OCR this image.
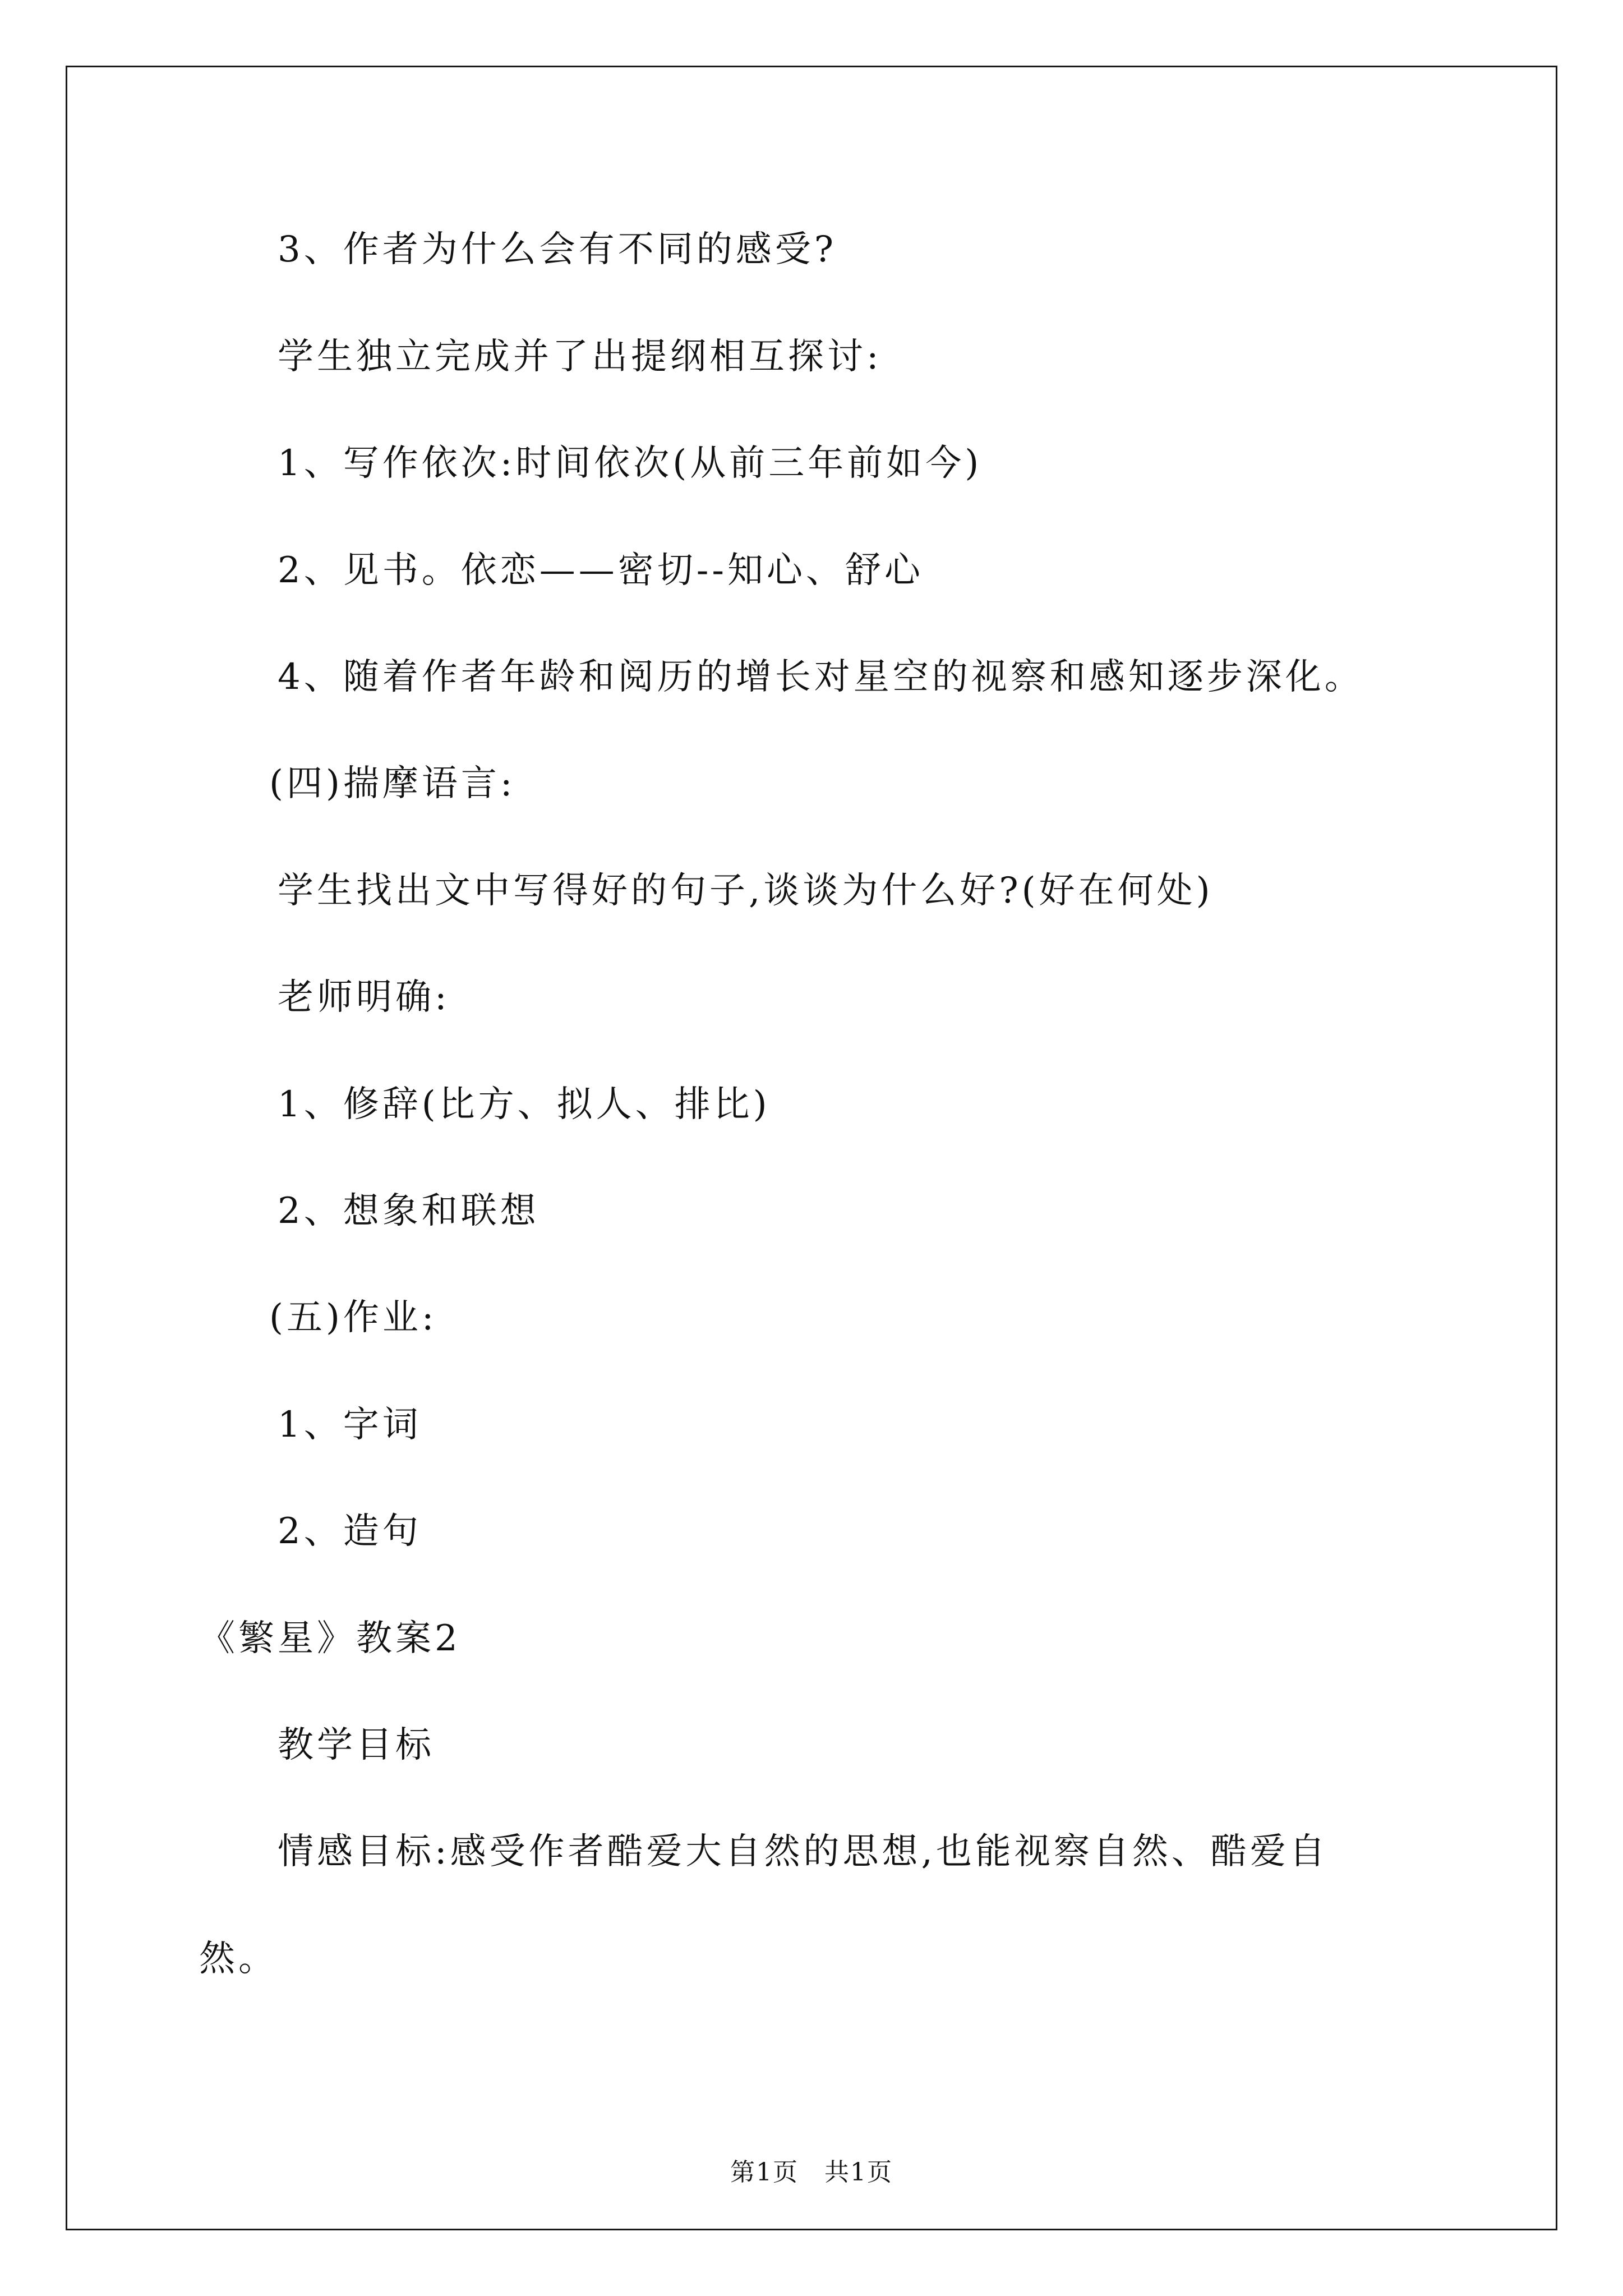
3、作者为什么会有不同的感受?
学生独立完成并了出提纲相互探讨:
1、写作依次:时间依次(从前三年前如今)
2、见书。依恋——密切--知心、舒心
4、随着作者年龄和阅历的增长对星空的视察和感知逐步深化。
(四)揣摩语言:
学生找出文中写得好的句子,谈谈为什么好?(好在何处)
老师明确:
1、修辞(比方、拟人、排比)
2、想象和联想
(五)作业:
1、字词
2、造句
《繁星》教案2
教学目标
情感目标:感受作者酷爱大自然的思想,也能视察自然、酷爱自
然。
第1页　共1页
